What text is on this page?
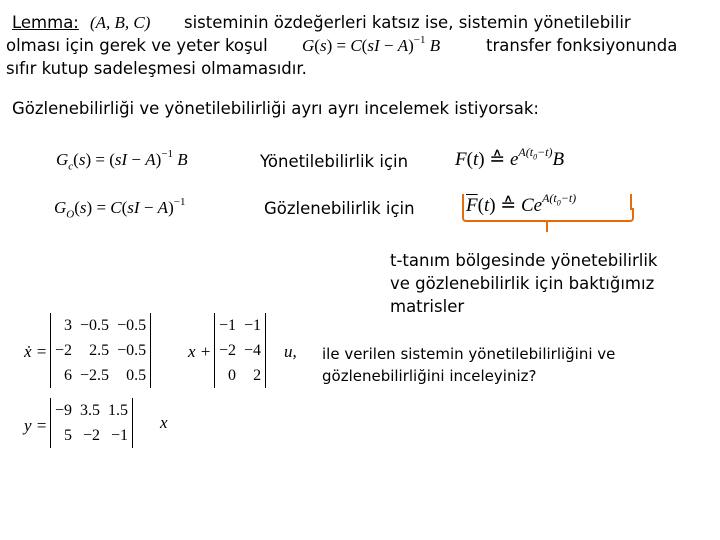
Lemma: (A, B, C) sisteminin özdeğerleri katsız ise, sistemin yönetilebilir
olması için gerek ve yeter koşul G(s) = C(sI − A)$^{-1}$ B	transfer fonksiyonunda
sıfır kutup sadeleşmesi olmamasıdır.
Gözlenebilirliği ve yönetilebilirliği ayrı ayrı incelemek istiyorsak:
$G_c(s) = (sI - A)^{-1}$ B	Yönetilebilirlik için F(t) ≙ $e^{A(t_0-t)}B$
$G_O(s) = C(sI - A)^{-1}$	Gözlenebilirlik için	$\overline{F}(t)$ ≙ $Ce^{A(t_0-t)}$
t-tanım bölgesinde yönetebilirlik
ve gözlenebilirlik için baktığımız
matrisler
ẋ =
3	−0.5	−0.5
−2	2.5	−0.5
6	−2.5	0.5
x +
−1	−1
−2	−4
0	2
u,
y =
−9	3.5	1.5
5	−2	−1
x
ile verilen sistemin yönetilebilirliğini ve
gözlenebilirliğini inceleyiniz?
